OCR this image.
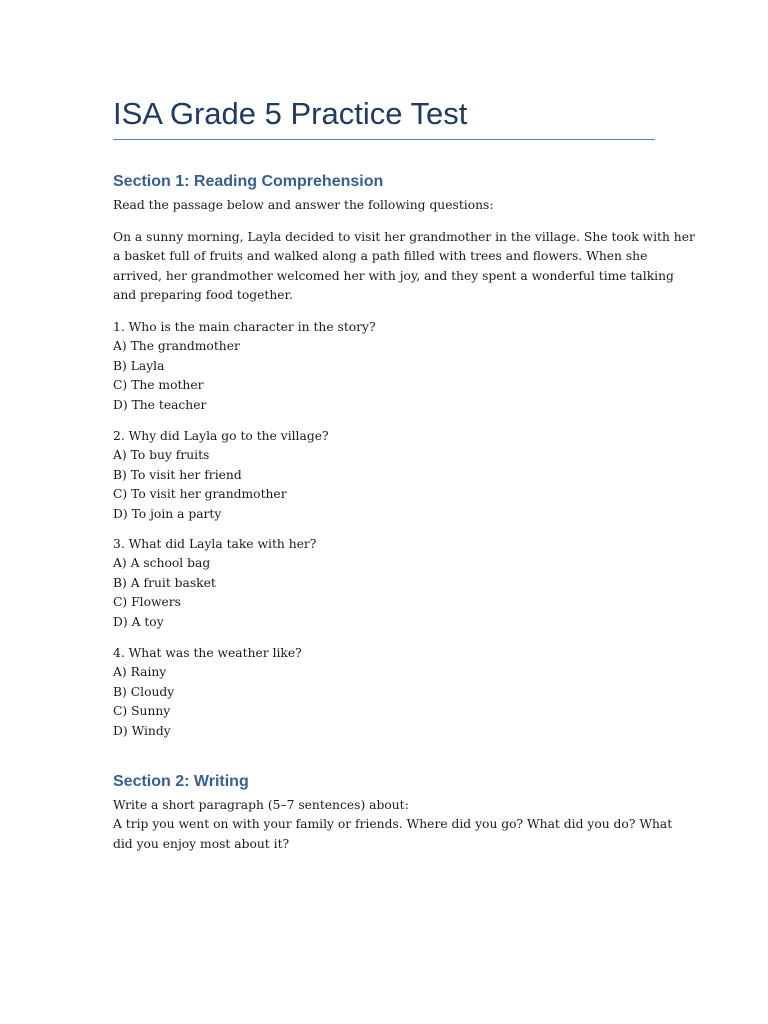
ISA Grade 5 Practice Test
Section 1: Reading Comprehension

Read the passage below and answer the following questions:

On a sunny morning, Layla decided to visit her grandmother in the village. She took with her
a basket full of fruits and walked along a path filled with trees and flowers. When she
arrived, her grandmother welcomed her with joy, and they spent a wonderful time talking
and preparing food together.
1. Who is the main character in the story?
A) The grandmother
B) Layla
C) The mother
D) The teacher
2. Why did Layla go to the village?
A) To buy fruits
B) To visit her friend
C) To visit her grandmother
D) To join a party
3. What did Layla take with her?
A) A school bag
B) A fruit basket
C) Flowers
D) A toy
4. What was the weather like?
A) Rainy
B) Cloudy
C) Sunny
D) Windy
Section 2: Writing
Write a short paragraph (5–7 sentences) about:
A trip you went on with your family or friends. Where did you go? What did you do? What
did you enjoy most about it?
